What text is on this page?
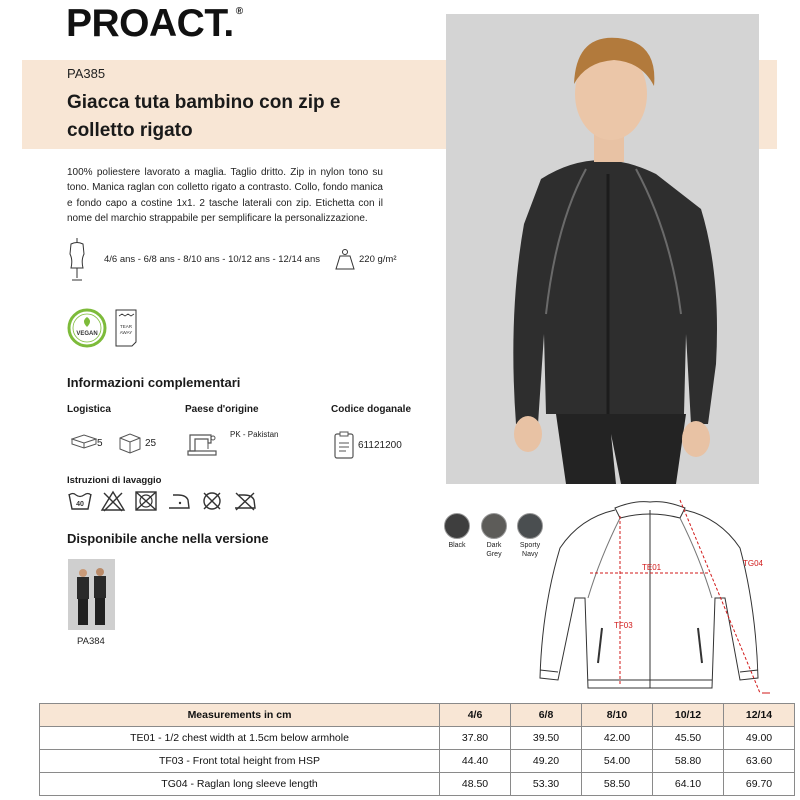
PROACT. ®
PA385
Giacca tuta bambino con zip e colletto rigato
100% poliestere lavorato a maglia. Taglio dritto. Zip in nylon tono su tono. Manica raglan con colletto rigato a contrasto. Collo, fondo manica e fondo capo a costine 1x1. 2 tasche laterali con zip. Etichetta con il nome del marchio strappabile per semplificare la personalizzazione.
4/6 ans - 6/8 ans - 8/10 ans - 10/12 ans - 12/14 ans	220 g/m²
VEGAN
TEAR
AWAY
Informazioni complementari
Logistica
5	25
Paese d'origine
PK - Pakistan
Codice doganale
61121200
Istruzioni di lavaggio
40
Disponibile anche nella versione
PA384
Black	Dark
Grey
Sporty
Navy
TE01
TF03
TG04
Measurements in cm	4/6	6/8	8/10	10/12	12/14
TE01 - 1/2 chest width at 1.5cm below armhole	37.80	39.50	42.00	45.50	49.00
TF03 - Front total height from HSP	44.40	49.20	54.00	58.80	63.60
TG04 - Raglan long sleeve length	48.50	53.30	58.50	64.10	69.70
